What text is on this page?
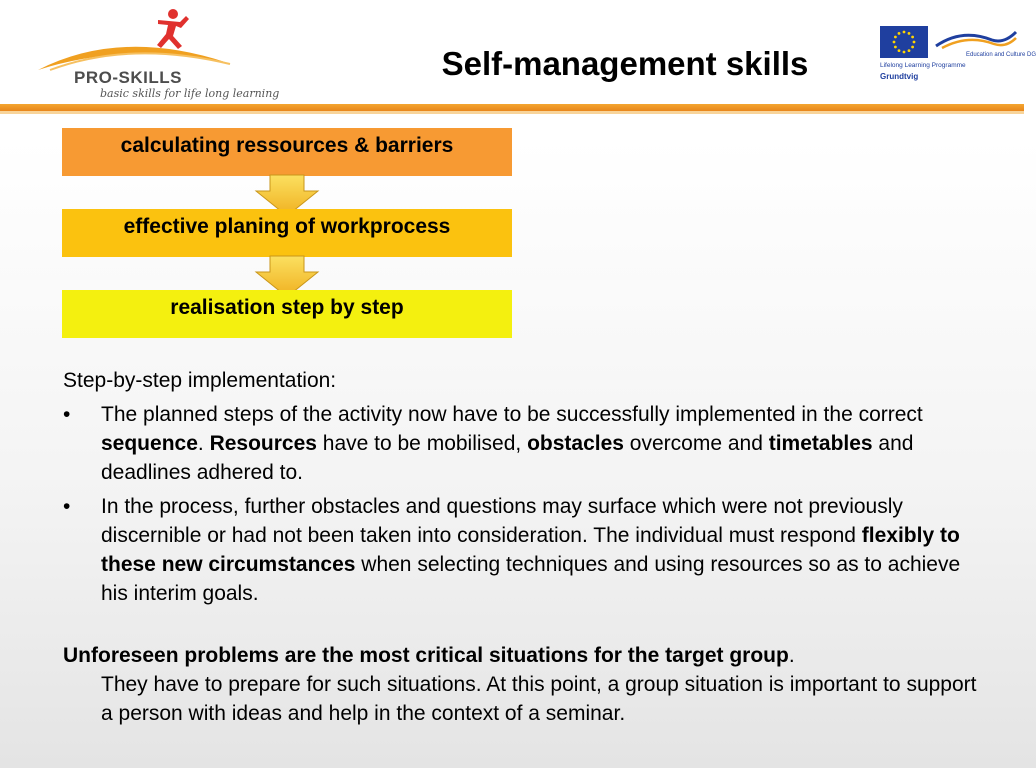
PRO-SKILLS
basic skills for life long learning
Self-management skills	Education and Culture DG
Lifelong Learning Programme
Grundtvig
calculating ressources & barriers
effective planing of workprocess
realisation step by step

Step-by-step implementation:

• The planned steps of the activity now have to be successfully implemented in the correct sequence. Resources have to be mobilised, obstacles overcome and timetables and deadlines adhered to.

• In the process, further obstacles and questions may surface which were not previously discernible or had not been taken into consideration. The individual must respond flexibly to these new circumstances when selecting techniques and using resources so as to achieve his interim goals.

Unforeseen problems are the most critical situations for the target group.
They have to prepare for such situations. At this point, a group situation is important to support a person with ideas and help in the context of a seminar.
